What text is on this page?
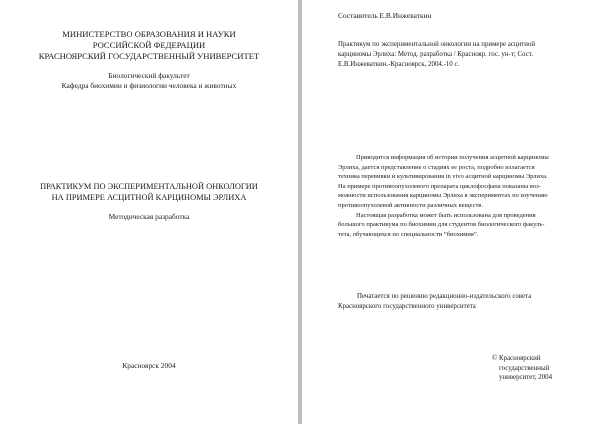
МИНИСТЕРСТВО ОБРАЗОВАНИЯ И НАУКИ
РОССИЙСКОЙ ФЕДЕРАЦИИ
КРАСНОЯРСКИЙ ГОСУДАРСТВЕННЫЙ УНИВЕРСИТЕТ
Биологический факультет
Кафедра биохимии и физиологии человека и животных
ПРАКТИКУМ ПО ЭКСПЕРИМЕНТАЛЬНОЙ ОНКОЛОГИИ
НА ПРИМЕРЕ АСЦИТНОЙ КАРЦИНОМЫ ЭРЛИХА
Методическая разработка
Красноярск 2004
Составитель Е.В.Инжеваткин
Практикум по экспериментальной онкологии на примере асцитной
карциномы Эрлиха: Метод. разработка / Краснояр. гос. ун-т; Сост.
Е.В.Инжеваткин.-Красноярск, 2004.-10 с.
Приводится информация об истории получения асцитной карциномы
Эрлиха, дается представление о стадиях ее роста, подробно излагается
техника перевивки и культивирования in vivo асцитной карциномы Эрлиха.
На примере противоопухолевого препарата циклофосфана показаны воз-
можности использования карциномы Эрлиха в экспериментах по изучению
противоопухолевой активности различных веществ.
Настоящая разработка может быть использована для проведения
большого практикума по биохимии для студентов биологического факуль-
тета, обучающихся по специальности “биохимия”.
Печатается по решению редакционно-издательского совета
Красноярского государственного университета
© Красноярский
государственный
университет, 2004
